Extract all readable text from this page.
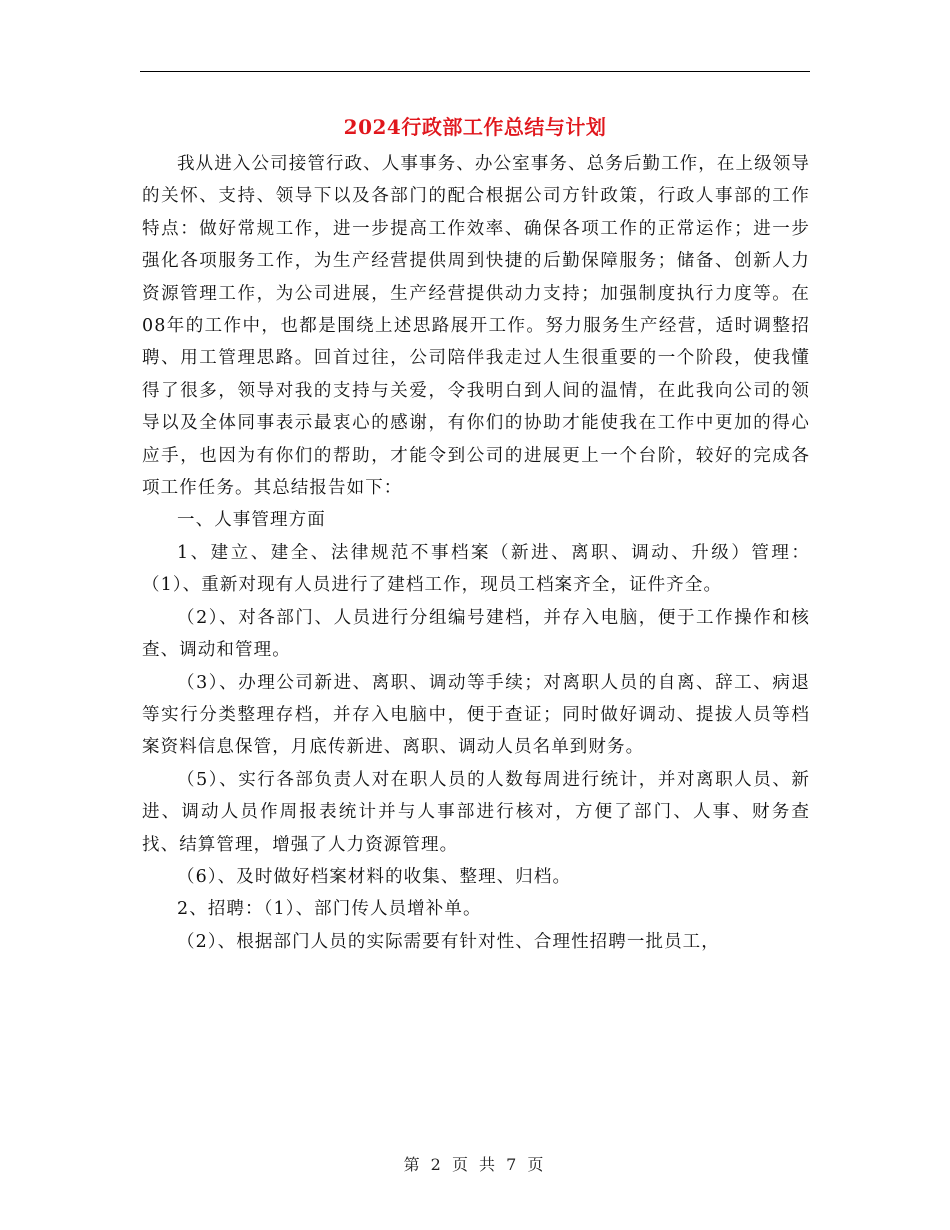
2024行政部工作总结与计划

我从进入公司接管行政、人事事务、办公室事务、总务后勤工作，在上级领导的关怀、支持、领导下以及各部门的配合根据公司方针政策，行政人事部的工作特点：做好常规工作，进一步提高工作效率、确保各项工作的正常运作；进一步强化各项服务工作，为生产经营提供周到快捷的后勤保障服务；储备、创新人力资源管理工作，为公司进展，生产经营提供动力支持；加强制度执行力度等。在08年的工作中，也都是围绕上述思路展开工作。努力服务生产经营，适时调整招聘、用工管理思路。回首过往，公司陪伴我走过人生很重要的一个阶段，使我懂得了很多，领导对我的支持与关爱，令我明白到人间的温情，在此我向公司的领导以及全体同事表示最衷心的感谢，有你们的协助才能使我在工作中更加的得心应手，也因为有你们的帮助，才能令到公司的进展更上一个台阶，较好的完成各项工作任务。其总结报告如下：

一、人事管理方面

1、建立、建全、法律规范不事档案（新进、离职、调动、升级）管理：（1）、重新对现有人员进行了建档工作，现员工档案齐全，证件齐全。

（2）、对各部门、人员进行分组编号建档，并存入电脑，便于工作操作和核查、调动和管理。

（3）、办理公司新进、离职、调动等手续；对离职人员的自离、辞工、病退等实行分类整理存档，并存入电脑中，便于查证；同时做好调动、提拔人员等档案资料信息保管，月底传新进、离职、调动人员名单到财务。

（5）、实行各部负责人对在职人员的人数每周进行统计，并对离职人员、新进、调动人员作周报表统计并与人事部进行核对，方便了部门、人事、财务查找、结算管理，增强了人力资源管理。

（6）、及时做好档案材料的收集、整理、归档。

2、招聘：（1）、部门传人员增补单。

（2）、根据部门人员的实际需要有针对性、合理性招聘一批员工，

第 2 页 共 7 页
